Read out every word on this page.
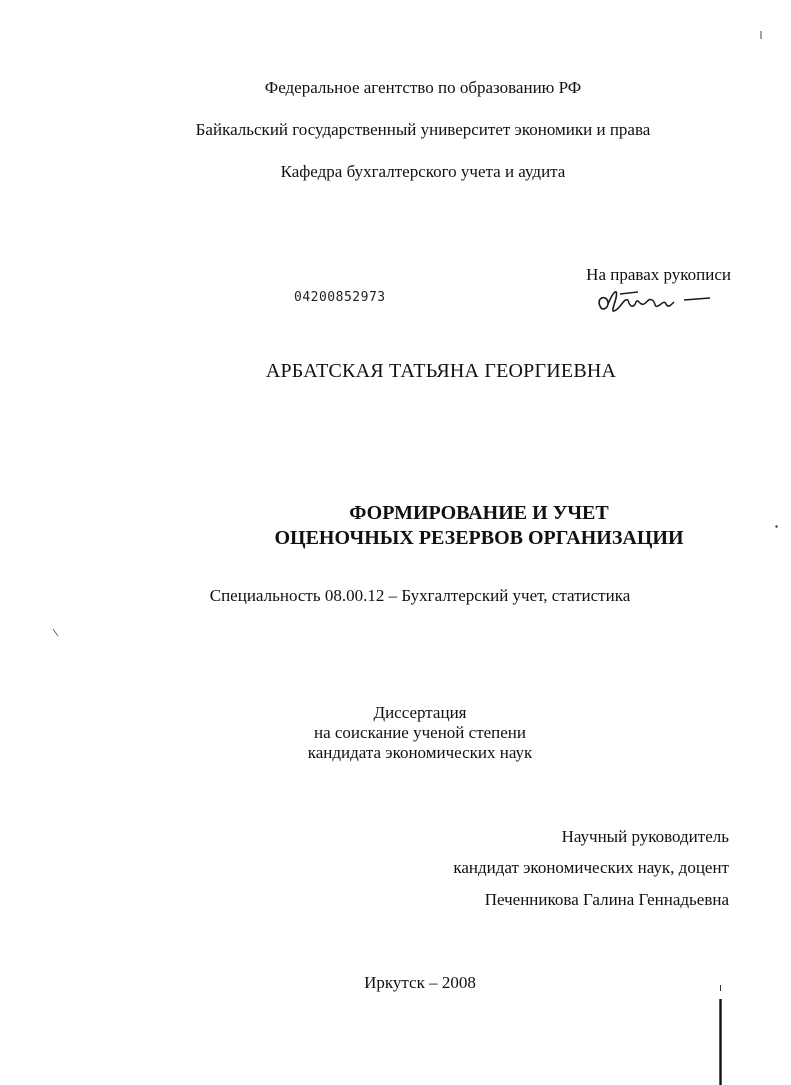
Федеральное агентство по образованию РФ
Байкальский государственный университет экономики и права
Кафедра бухгалтерского учета и аудита
На правах рукописи
04200852973
АРБАТСКАЯ ТАТЬЯНА ГЕОРГИЕВНА
ФОРМИРОВАНИЕ И УЧЕТ
ОЦЕНОЧНЫХ РЕЗЕРВОВ ОРГАНИЗАЦИИ
Специальность 08.00.12 – Бухгалтерский учет, статистика
Диссертация
на соискание ученой степени
кандидата экономических наук
Научный руководитель
кандидат экономических наук, доцент
Печенникова Галина Геннадьевна
Иркутск – 2008
